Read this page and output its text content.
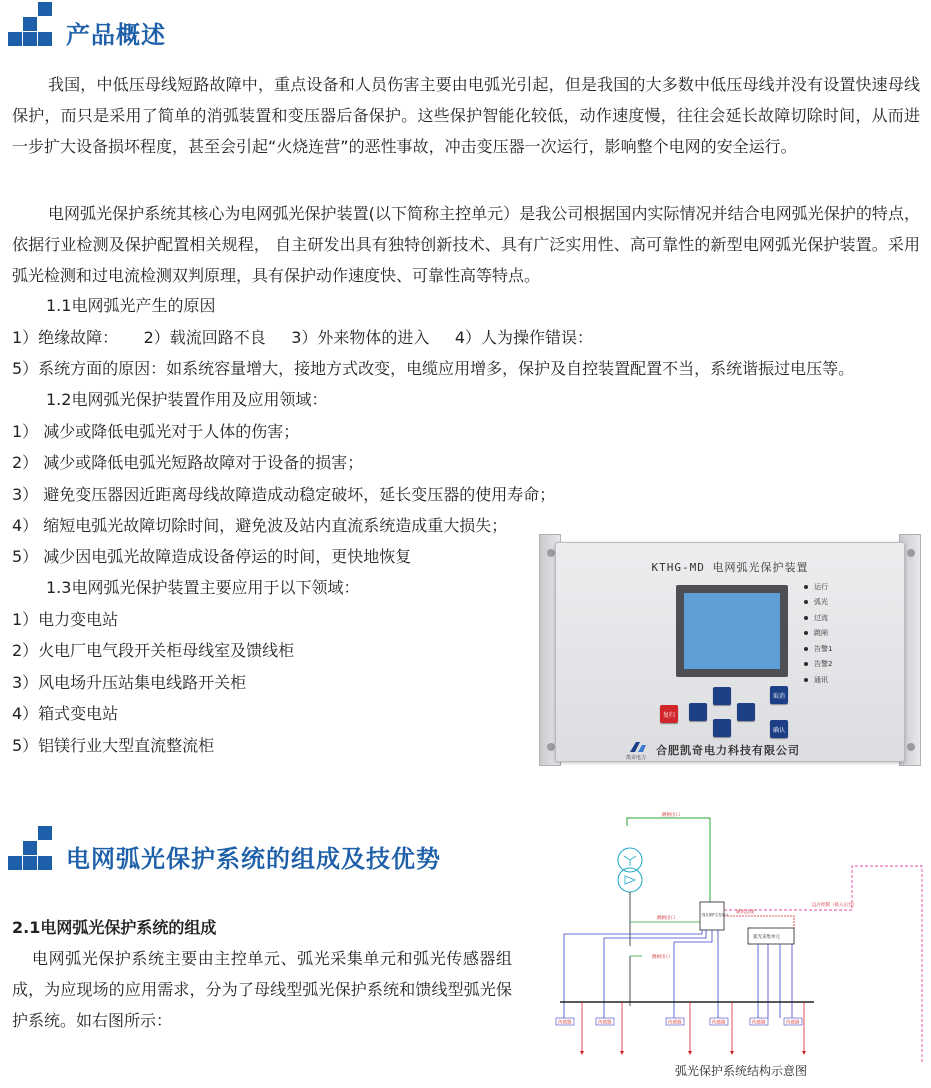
产品概述
我国，中低压母线短路故障中，重点设备和人员伤害主要由电弧光引起，但是我国的大多数中低压母线并没有设置快速母线保护，而只是采用了简单的消弧装置和变压器后备保护。这些保护智能化较低，动作速度慢，往往会延长故障切除时间，从而进一步扩大设备损坏程度，甚至会引起“火烧连营”的恶性事故，冲击变压器一次运行，影响整个电网的安全运行。
电网弧光保护系统其核心为电网弧光保护装置(以下简称主控单元）是我公司根据国内实际情况并结合电网弧光保护的特点，依据行业检测及保护配置相关规程， 自主研发出具有独特创新技术、具有广泛实用性、高可靠性的新型电网弧光保护装置。采用弧光检测和过电流检测双判原理，具有保护动作速度快、可靠性高等特点。
1.1电网弧光产生的原因
1）绝缘故障：     2）载流回路不良     3）外来物体的进入     4）人为操作错误：
5）系统方面的原因：如系统容量增大，接地方式改变，电缆应用增多，保护及自控装置配置不当，系统谐振过电压等。
1.2电网弧光保护装置作用及应用领域：
1） 减少或降低电弧光对于人体的伤害；
2） 减少或降低电弧光短路故障对于设备的损害；
3） 避免变压器因近距离母线故障造成动稳定破坏，延长变压器的使用寿命；
4） 缩短电弧光故障切除时间，避免波及站内直流系统造成重大损失；
5） 减少因电弧光故障造成设备停运的时间，更快地恢复
1.3电网弧光保护装置主要应用于以下领域：
1）电力变电站
2）火电厂电气段开关柜母线室及馈线柜
3）风电场升压站集电线路开关柜
4）箱式变电站
5）铝镁行业大型直流整流柜
KTHG-MD 电网弧光保护装置
运行
弧光
过流
跳闸
告警1
告警2
通讯
复归
取消
确认
凯奇电力
合肥凯奇电力科技有限公司
电网弧光保护系统的组成及技优势
2.1电网弧光保护系统的组成
电网弧光保护系统主要由主控单元、弧光采集单元和弧光传感器组成，为应现场的应用需求，分为了母线型弧光保护系统和馈线型弧光保护系统。如右图所示：
跳闸出口
弧光保护主控单元
弧光采集单元
通讯总线
远方控制（接入后台）
跳闸出口
跳闸出口
传感器	传感器	传感器	传感器	传感器	传感器
弧光保护系统结构示意图
